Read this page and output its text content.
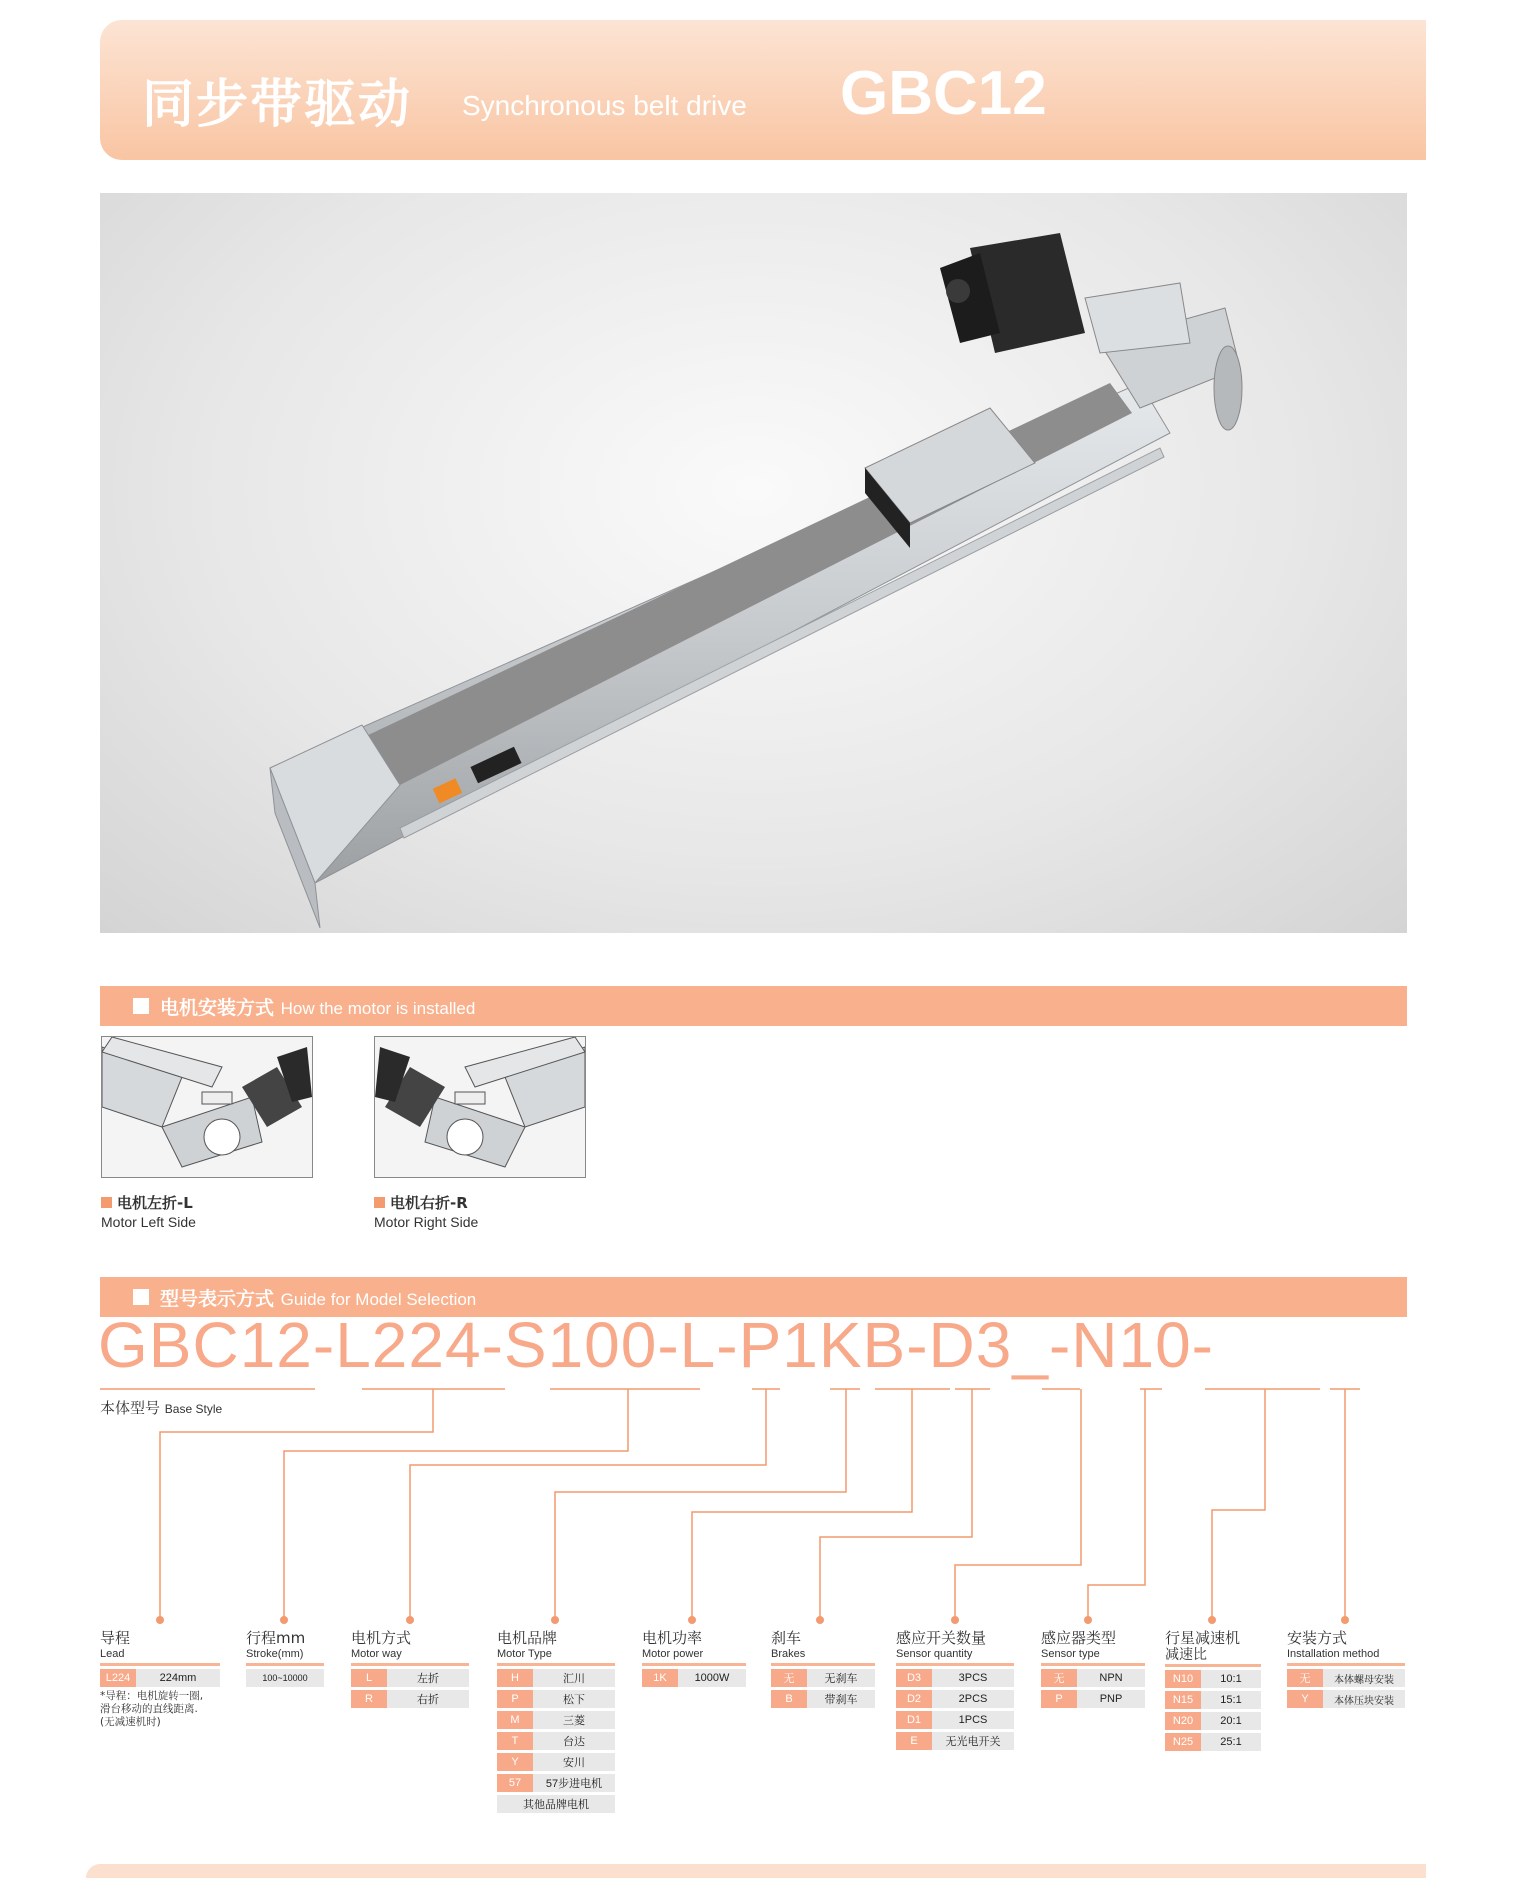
同步带驱动 Synchronous belt drive GBC12
电机安装方式 How the motor is installed
电机左折-L
Motor Left Side
电机右折-R
Motor Right Side
型号表示方式 Guide for Model Selection
GBC12-L224-S100-L-P1KB-D3_-N10-
本体型号 Base Style
导程
Lead
L224	224mm
*导程：电机旋转一圈,
滑台移动的直线距离.
(无减速机时)
行程mm
Stroke(mm)
100~10000
电机方式
Motor way
L	左折
R	右折
电机品牌
Motor Type
H	汇川
P	松下
M	三菱
T	台达
Y	安川
57	57步进电机
其他品牌电机
电机功率
Motor power
1K	1000W
刹车
Brakes
无	无刹车
B	带刹车
感应开关数量
Sensor quantity
D3	3PCS
D2	2PCS
D1	1PCS
E	无光电开关
感应器类型
Sensor type
无	NPN
P	PNP
行星减速机
减速比
N10	10:1
N15	15:1
N20	20:1
N25	25:1
安装方式
Installation method
无	本体螺母安装
Y	本体压块安装
